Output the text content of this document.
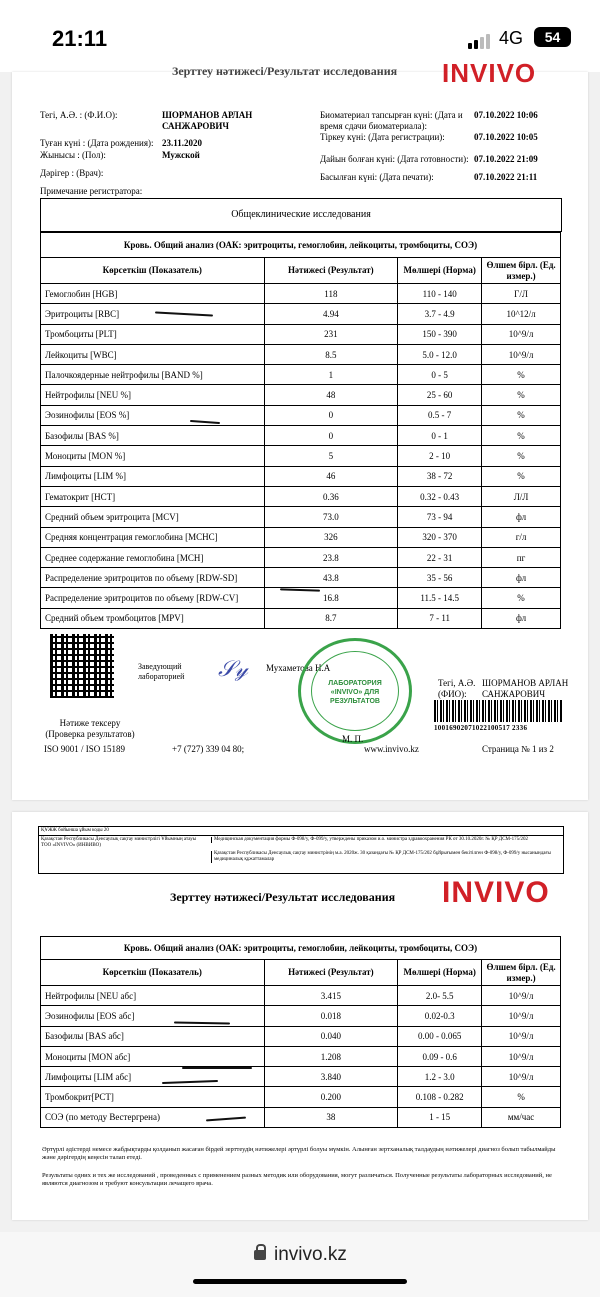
21:11	4G	54
Зерттеу нәтижесі/Результат исследования INVIVO
Тегі, А.Ә. : (Ф.И.О):	ШОРМАНОВ АРЛАН САНЖАРОВИЧ
Туған күні : (Дата рождения): 23.11.2020
Жынысы : (Пол):	Мужской
Дәрігер : (Врач):
Примечание регистратора:
Биоматериал тапсырған күні: (Дата и время сдачи биоматериала):
07.10.2022 10:06
Тіркеу күні: (Дата регистрации):	07.10.2022 10:05
Дайын болған күні: (Дата готовности): 07.10.2022 21:09
Басылған күні: (Дата печати):	07.10.2022 21:11
Общеклинические исследования
Кровь. Общий анализ (ОАК: эритроциты, гемоглобин, лейкоциты, тромбоциты, СОЭ)
Көрсеткіш (Показатель)	Нәтижесі (Результат)	Мөлшері (Норма)	Өлшем бірл. (Ед. измер.)
Гемоглобин [HGB]	118	110 - 140	Г/Л
Эритроциты [RBC]	4.94	3.7 - 4.9	10^12/л
Тромбоциты [PLT]	231	150 - 390	10^9/л
Лейкоциты [WBC]	8.5	5.0 - 12.0	10^9/л
Палочкоядерные нейтрофилы [BAND %]	1	0 - 5	%
Нейтрофилы [NEU %]	48	25 - 60	%
Эозинофилы [EOS %]	0	0.5 - 7	%
Базофилы [BAS %]	0	0 - 1	%
Моноциты [MON %]	5	2 - 10	%
Лимфоциты [LIM %]	46	38 - 72	%
Гематокрит [HCT]	0.36	0.32 - 0.43	Л/Л
Средний объем эритроцита [MCV]	73.0	73 - 94	фл
Средняя концентрация гемоглобина [MCHC]	326	320 - 370	г/л
Среднее содержание гемоглобина [MCH]	23.8	22 - 31	пг
Распределение эритроцитов по объему [RDW-SD]	43.8	35 - 56	фл
Распределение эритроцитов по объему [RDW-CV]	16.8	11.5 - 14.5	%
Средний объем тромбоцитов [MPV]	8.7	7 - 11	фл
Заведующий лабораторией	𝒮𝓎 Мухаметова Н.А
ЛАБОРАТОРИЯ «INVIVO» ДЛЯ РЕЗУЛЬТАТОВ
М. П.
Тегі, А.Ә. (ФИО):
ШОРМАНОВ АРЛАН САНЖАРОВИЧ
10016902071022100517 2336
Нәтиже тексеру (Проверка результатов)
ISO 9001 / ISO 15189	+7 (727) 339 04 80;	www.invivo.kz	Страница № 1 из 2
ҚҰЖЖ бойынша ұйым коды 20
Қазақстан Республикасы Денсаулық сақтау министрлігі Ұйымның атауы ТОО «INVIVO» (ИНВИВО)
Медицинская документация формы Ф-098/у, Ф-099/у, утверждены приказом и.о. министра здравоохранения РК от 30.10.2020г. № ҚР ДСМ-175/202
Қазақстан Республикасы Денсаулық сақтау министрінің м.а. 2020ж. 30 қазандағы № ҚР ДСМ-175/202 бұйрығымен бекітілген Ф-098/у, Ф-099/у нысанындағы медициналық құжаттамалар
Зерттеу нәтижесі/Результат исследования INVIVO
Кровь. Общий анализ (ОАК: эритроциты, гемоглобин, лейкоциты, тромбоциты, СОЭ)
Көрсеткіш (Показатель)	Нәтижесі (Результат)	Мөлшері (Норма)	Өлшем бірл. (Ед. измер.)
Нейтрофилы [NEU абс]	3.415	2.0- 5.5	10^9/л
Эозинофилы [EOS абс]	0.018	0.02-0.3	10^9/л
Базофилы [BAS абс]	0.040	0.00 - 0.065	10^9/л
Моноциты [MON абс]	1.208	0.09 - 0.6	10^9/л
Лимфоциты [LIM абс]	3.840	1.2 - 3.0	10^9/л
Тромбокрит[PCT]	0.200	0.108 - 0.282	%
СОЭ (по методу Вестергрена)	38	1 - 15	мм/час
Әртүрлі әдістерді немесе жабдықтарды қолданып жасаған бірдей зерттеудің нәтижелері әртүрлі болуы мүмкін. Алынған зертханалық талдаудың нәтижелері диагноз болып табылмайды және дәрігердің кеңесін талап етеді.
Результаты одних и тех же исследований , проведенных с применением разных методик или оборудования, могут различаться. Полученные результаты лабораторных исследований, не являются диагнозом и требуют консультации лечащего врача.
invivo.kz
